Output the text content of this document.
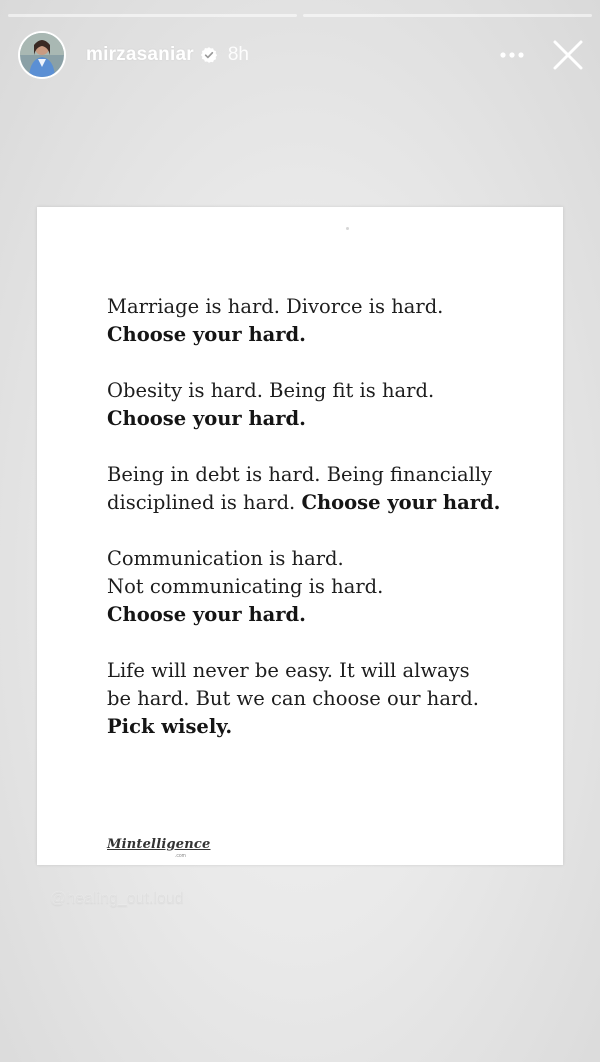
mirzasaniar 8h

Marriage is hard. Divorce is hard.
Choose your hard.

Obesity is hard. Being fit is hard.
Choose your hard.

Being in debt is hard. Being financially
disciplined is hard. Choose your hard.

Communication is hard.
Not communicating is hard.
Choose your hard.

Life will never be easy. It will always
be hard. But we can choose our hard.
Pick wisely.

Mintelligence
.com
@healing_out.loud
